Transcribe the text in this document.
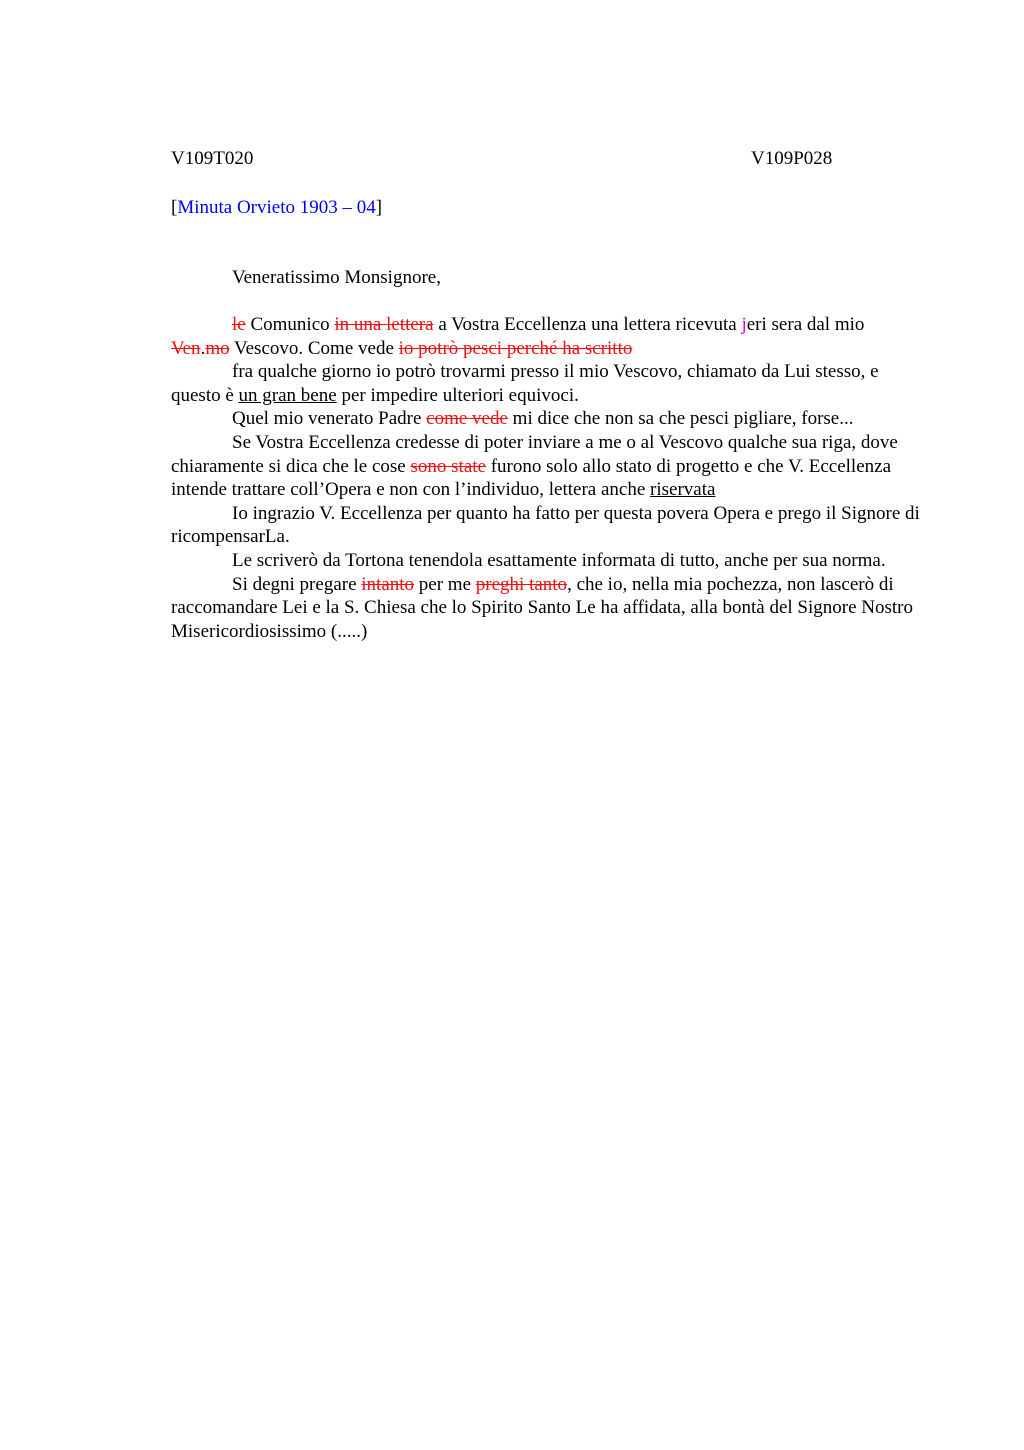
V109T020	V109P028
[Minuta Orvieto 1903 – 04]
Veneratissimo Monsignore,

le Comunico in una lettera a Vostra Eccellenza una lettera ricevuta jeri sera dal mio Ven.mo Vescovo. Come vede io potrò pesci perché ha scritto

fra qualche giorno io potrò trovarmi presso il mio Vescovo, chiamato da Lui stesso, e questo è un gran bene per impedire ulteriori equivoci.

Quel mio venerato Padre come vede mi dice che non sa che pesci pigliare, forse...

Se Vostra Eccellenza credesse di poter inviare a me o al Vescovo qualche sua riga, dove chiaramente si dica che le cose sono state furono solo allo stato di progetto e che V. Eccellenza intende trattare coll’Opera e non con l’individuo, lettera anche riservata

Io ingrazio V. Eccellenza per quanto ha fatto per questa povera Opera e prego il Signore di ricompensarLa.

Le scriverò da Tortona tenendola esattamente informata di tutto, anche per sua norma.

Si degni pregare intanto per me preghi tanto, che io, nella mia pochezza, non lascerò di raccomandare Lei e la S. Chiesa che lo Spirito Santo Le ha affidata, alla bontà del Signore Nostro Misericordiosissimo (.....)
